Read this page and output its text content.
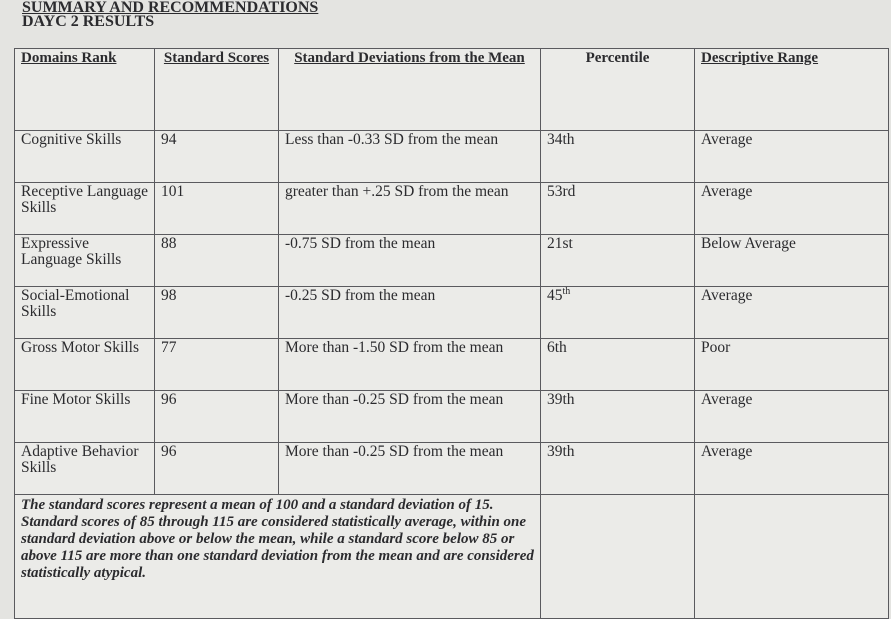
SUMMARY AND RECOMMENDATIONS
DAYC 2 RESULTS
Domains Rank	Standard Scores	Standard Deviations from the Mean	Percentile	Descriptive Range
Cognitive Skills	94	Less than -0.33 SD from the mean	34th	Average
Receptive Language Skills	101	greater than +.25 SD from the mean	53rd	Average
Expressive Language Skills	88	-0.75 SD from the mean	21st	Below Average
Social-Emotional Skills	98	-0.25 SD from the mean	45th	Average
Gross Motor Skills	77	More than -1.50 SD from the mean	6th	Poor
Fine Motor Skills	96	More than -0.25 SD from the mean	39th	Average
Adaptive Behavior Skills	96	More than -0.25 SD from the mean	39th	Average
The standard scores represent a mean of 100 and a standard deviation of 15. Standard scores of 85 through 115 are considered statistically average, within one standard deviation above or below the mean, while a standard score below 85 or above 115 are more than one standard deviation from the mean and are considered statistically atypical.				
